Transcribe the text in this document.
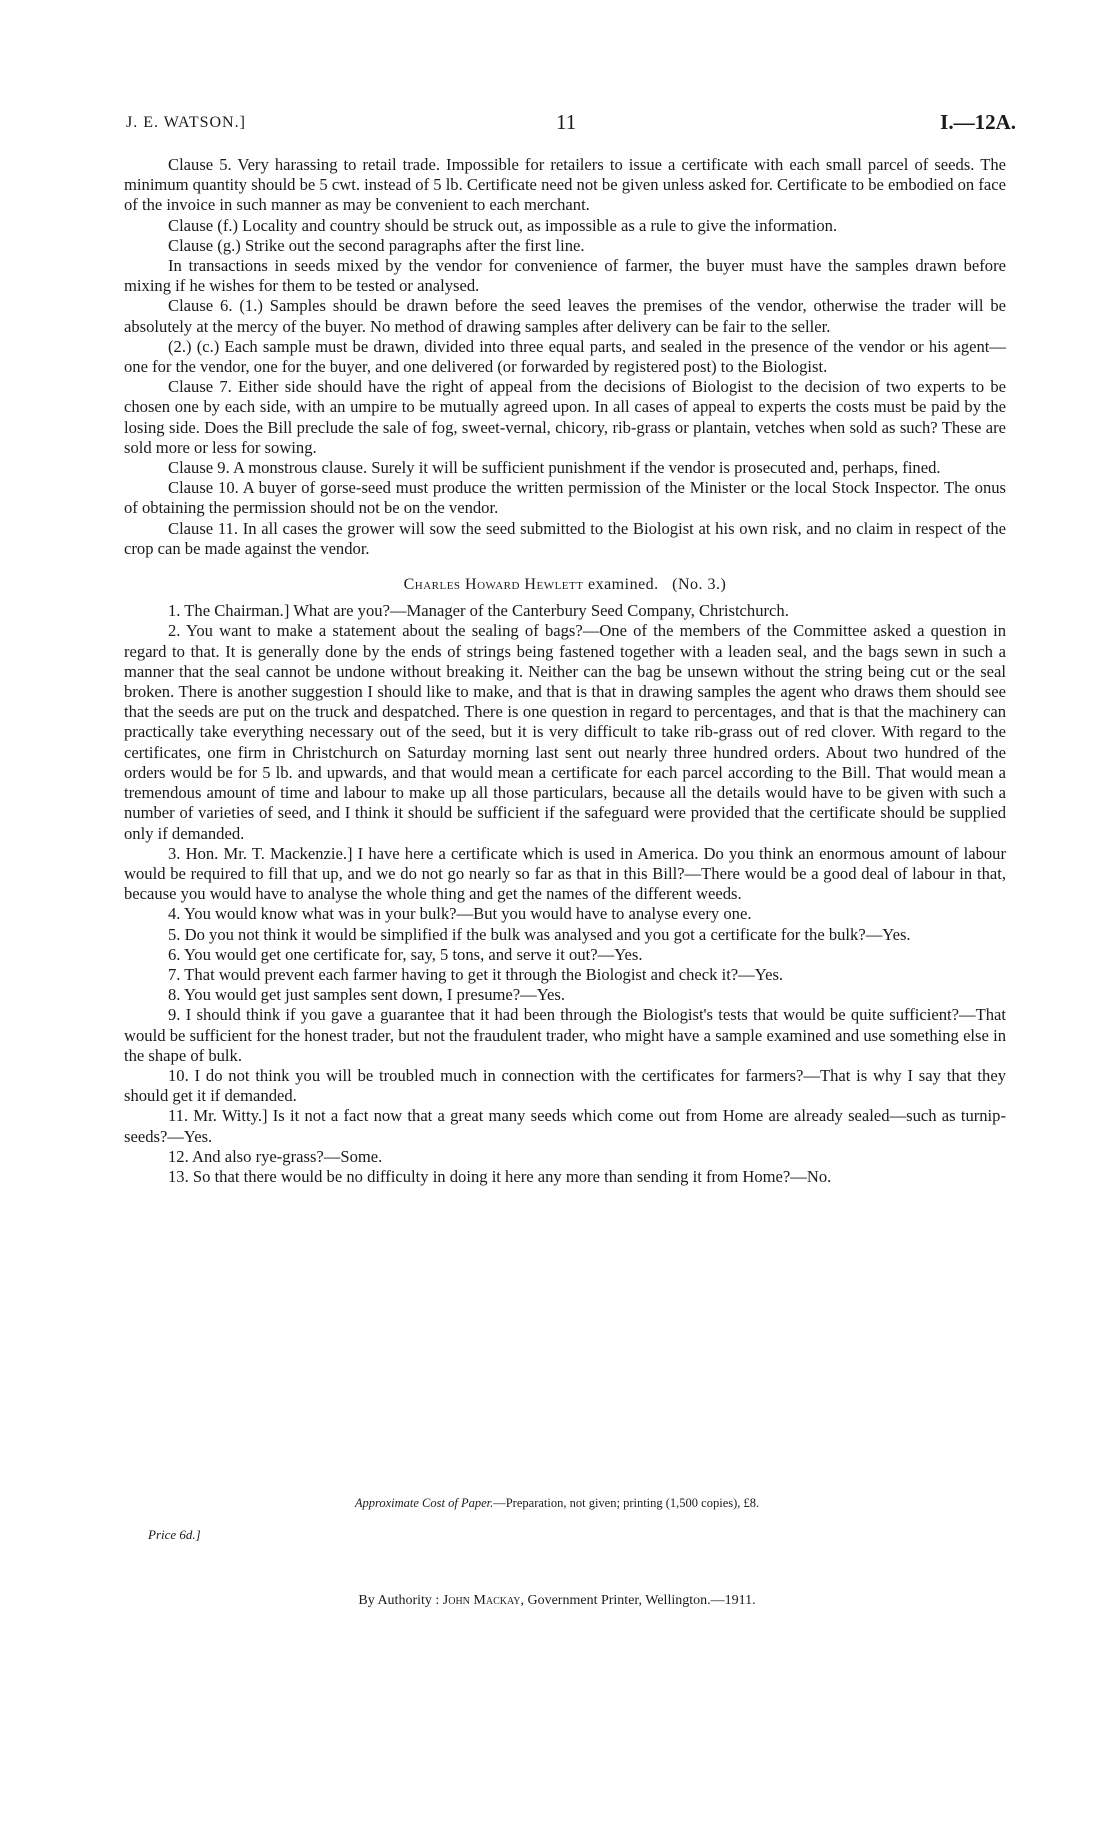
J. E. WATSON.]	11	I.—12A.

Clause 5. Very harassing to retail trade. Impossible for retailers to issue a certificate with each small parcel of seeds. The minimum quantity should be 5 cwt. instead of 5 lb. Certificate need not be given unless asked for. Certificate to be embodied on face of the invoice in such manner as may be convenient to each merchant.

Clause (f.) Locality and country should be struck out, as impossible as a rule to give the information.

Clause (g.) Strike out the second paragraphs after the first line.

In transactions in seeds mixed by the vendor for convenience of farmer, the buyer must have the samples drawn before mixing if he wishes for them to be tested or analysed.

Clause 6. (1.) Samples should be drawn before the seed leaves the premises of the vendor, otherwise the trader will be absolutely at the mercy of the buyer. No method of drawing samples after delivery can be fair to the seller.

(2.) (c.) Each sample must be drawn, divided into three equal parts, and sealed in the presence of the vendor or his agent—one for the vendor, one for the buyer, and one delivered (or forwarded by registered post) to the Biologist.

Clause 7. Either side should have the right of appeal from the decisions of Biologist to the decision of two experts to be chosen one by each side, with an umpire to be mutually agreed upon. In all cases of appeal to experts the costs must be paid by the losing side. Does the Bill preclude the sale of fog, sweet-vernal, chicory, rib-grass or plantain, vetches when sold as such? These are sold more or less for sowing.

Clause 9. A monstrous clause. Surely it will be sufficient punishment if the vendor is prosecuted and, perhaps, fined.

Clause 10. A buyer of gorse-seed must produce the written permission of the Minister or the local Stock Inspector. The onus of obtaining the permission should not be on the vendor.

Clause 11. In all cases the grower will sow the seed submitted to the Biologist at his own risk, and no claim in respect of the crop can be made against the vendor.

Charles Howard Hewlett examined. (No. 3.)

1. The Chairman.] What are you?—Manager of the Canterbury Seed Company, Christchurch.

2. You want to make a statement about the sealing of bags?—One of the members of the Committee asked a question in regard to that. It is generally done by the ends of strings being fastened together with a leaden seal, and the bags sewn in such a manner that the seal cannot be undone without breaking it. Neither can the bag be unsewn without the string being cut or the seal broken. There is another suggestion I should like to make, and that is that in drawing samples the agent who draws them should see that the seeds are put on the truck and despatched. There is one question in regard to percentages, and that is that the machinery can practically take everything necessary out of the seed, but it is very difficult to take rib-grass out of red clover. With regard to the certificates, one firm in Christchurch on Saturday morning last sent out nearly three hundred orders. About two hundred of the orders would be for 5 lb. and upwards, and that would mean a certificate for each parcel according to the Bill. That would mean a tremendous amount of time and labour to make up all those particulars, because all the details would have to be given with such a number of varieties of seed, and I think it should be sufficient if the safeguard were provided that the certificate should be supplied only if demanded.

3. Hon. Mr. T. Mackenzie.] I have here a certificate which is used in America. Do you think an enormous amount of labour would be required to fill that up, and we do not go nearly so far as that in this Bill?—There would be a good deal of labour in that, because you would have to analyse the whole thing and get the names of the different weeds.

4. You would know what was in your bulk?—But you would have to analyse every one.

5. Do you not think it would be simplified if the bulk was analysed and you got a certificate for the bulk?—Yes.

6. You would get one certificate for, say, 5 tons, and serve it out?—Yes.

7. That would prevent each farmer having to get it through the Biologist and check it?—Yes.

8. You would get just samples sent down, I presume?—Yes.

9. I should think if you gave a guarantee that it had been through the Biologist's tests that would be quite sufficient?—That would be sufficient for the honest trader, but not the fraudulent trader, who might have a sample examined and use something else in the shape of bulk.

10. I do not think you will be troubled much in connection with the certificates for farmers?—That is why I say that they should get it if demanded.

11. Mr. Witty.] Is it not a fact now that a great many seeds which come out from Home are already sealed—such as turnip-seeds?—Yes.

12. And also rye-grass?—Some.

13. So that there would be no difficulty in doing it here any more than sending it from Home?—No.

Approximate Cost of Paper.—Preparation, not given; printing (1,500 copies), £8.
Price 6d.]
By Authority : John Mackay, Government Printer, Wellington.—1911.
